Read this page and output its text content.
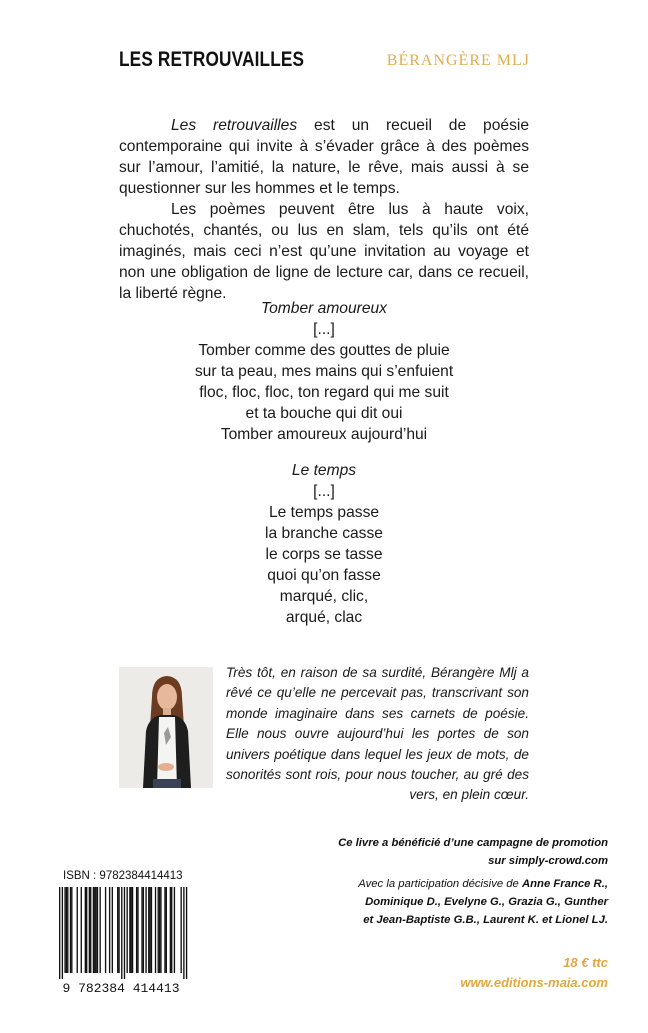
LES RETROUVAILLES	BÉRANGÈRE MLJ

Les retrouvailles est un recueil de poésie contemporaine qui invite à s’évader grâce à des poèmes sur l’amour, l’amitié, la nature, le rêve, mais aussi à se questionner sur les hommes et le temps.

Les poèmes peuvent être lus à haute voix, chuchotés, chantés, ou lus en slam, tels qu’ils ont été imaginés, mais ceci n’est qu’une invitation au voyage et non une obligation de ligne de lecture car, dans ce recueil, la liberté règne.

Tomber amoureux
[...]
Tomber comme des gouttes de pluie
sur ta peau, mes mains qui s’enfuient
floc, floc, floc, ton regard qui me suit
et ta bouche qui dit oui
Tomber amoureux aujourd’hui
Le temps
[...]
Le temps passe
la branche casse
le corps se tasse
quoi qu’on fasse
marqué, clic,
arqué, clac
Très tôt, en raison de sa surdité, Bérangère Mlj a rêvé ce qu’elle ne percevait pas, transcrivant son monde imaginaire dans ses carnets de poésie. Elle nous ouvre aujourd’hui les portes de son univers poétique dans lequel les jeux de mots, de sonorités sont rois, pour nous toucher, au gré des vers, en plein cœur.
Ce livre a bénéficié d’une campagne de promotion
sur simply-crowd.com
Avec la participation décisive de Anne France R.,
Dominique D., Evelyne G., Grazia G., Gunther
et Jean-Baptiste G.B., Laurent K. et Lionel LJ.
ISBN : 9782384414413
9 782384 414413
18 € ttc
www.editions-maia.com
